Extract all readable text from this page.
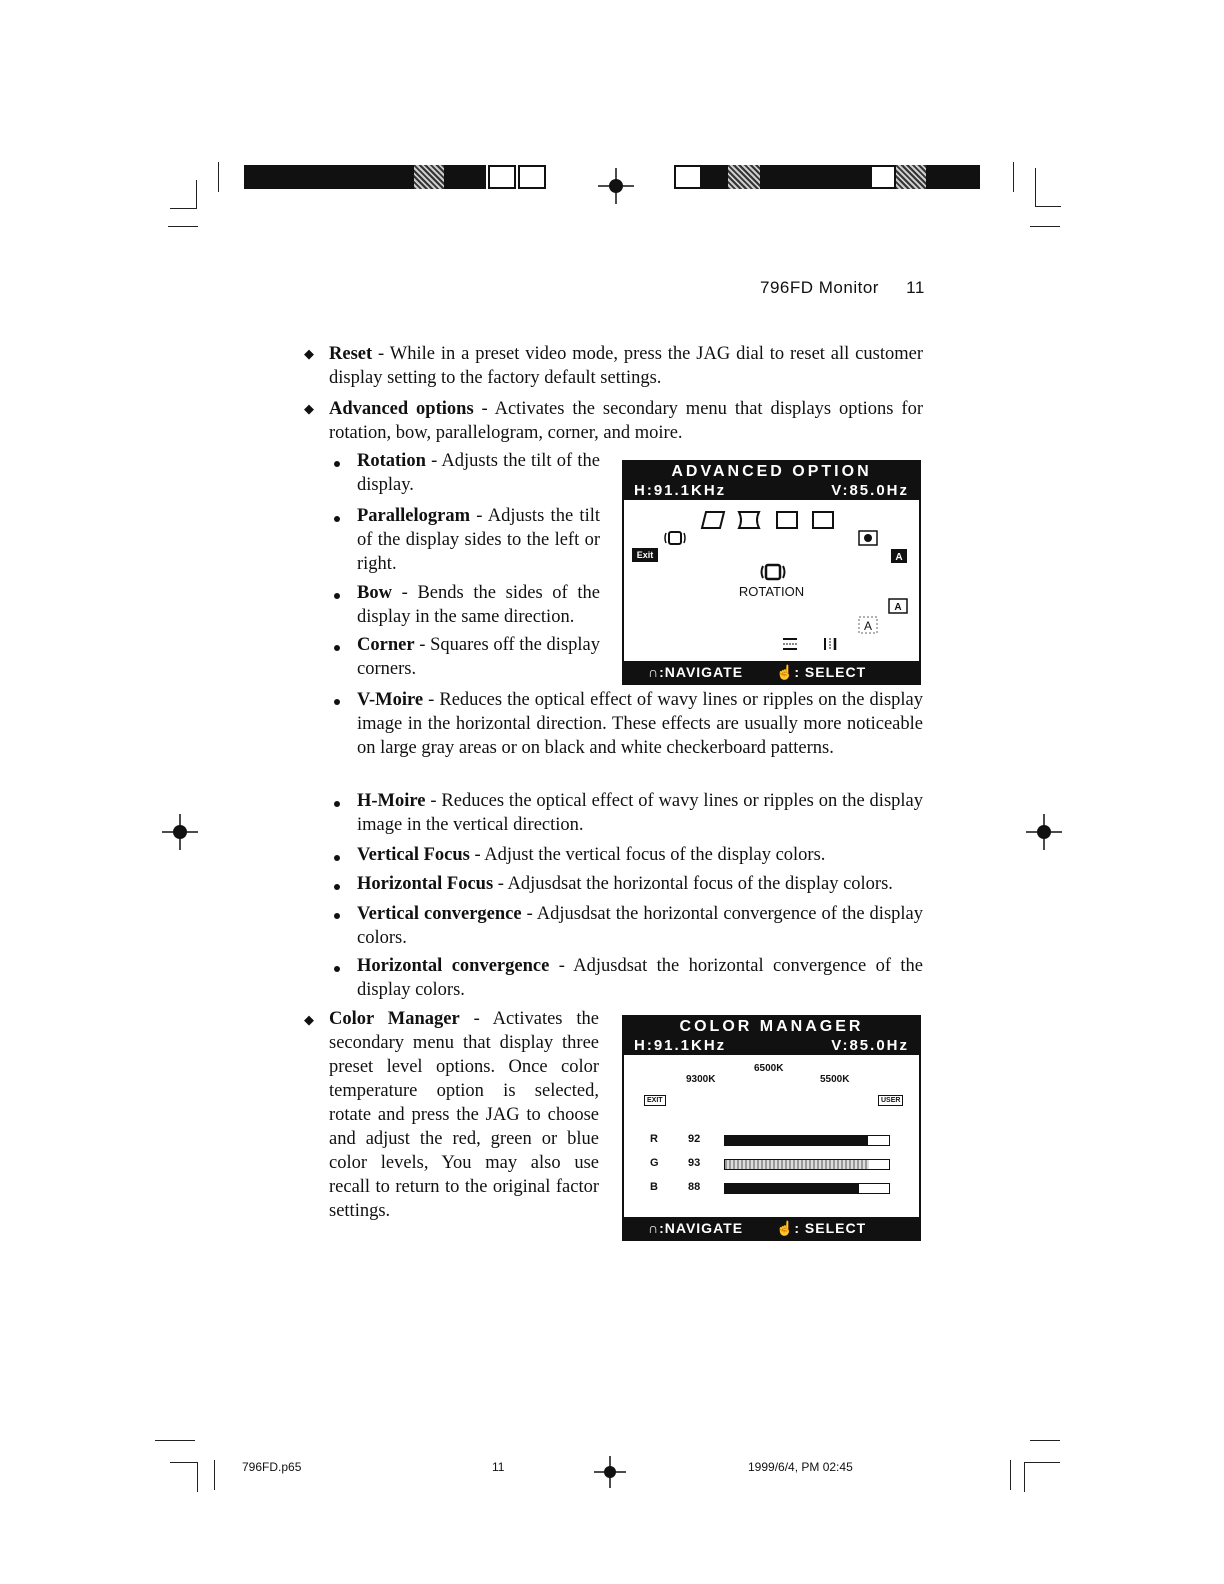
796FD Monitor 11
◆ Reset - While in a preset video mode, press the JAG dial to reset all customer display setting to the factory default settings.
◆ Advanced options - Activates the secondary menu that displays options for rotation, bow, parallelogram, corner, and moire.
Rotation - Adjusts the tilt of the display.
Parallelogram - Adjusts the tilt of the display sides to the left or right.
Bow - Bends the sides of the display in the same direction.
Corner - Squares off the display corners.
ADVANCED OPTION
H:91.1KHz	V:85.0Hz
Exit	A
ROTATION
A
A
∩:NAVIGATE ☝: SELECT
V-Moire - Reduces the optical effect of wavy lines or ripples on the display image in the horizontal direction. These effects are usually more noticeable on large gray areas or on black and white checkerboard patterns.
H-Moire - Reduces the optical effect of wavy lines or ripples on the display image in the vertical direction.
Vertical Focus - Adjust the vertical focus of the display colors.
Horizontal Focus - Adjusdsat the horizontal focus of the display colors.
Vertical convergence - Adjusdsat the horizontal convergence of the display colors.
Horizontal convergence - Adjusdsat the horizontal convergence of the display colors.
◆ Color Manager - Activates the secondary menu that display three preset level options. Once color temperature option is selected, rotate and press the JAG to choose and adjust the red, green or blue color levels, You may also use recall to return to the original factor settings.
COLOR MANAGER
H:91.1KHz	V:85.0Hz
9300K
6500K
5500K
EXIT	USER
R	92
G	93
B	88
∩:NAVIGATE ☝: SELECT
796FD.p65	11	1999/6/4, PM 02:45
